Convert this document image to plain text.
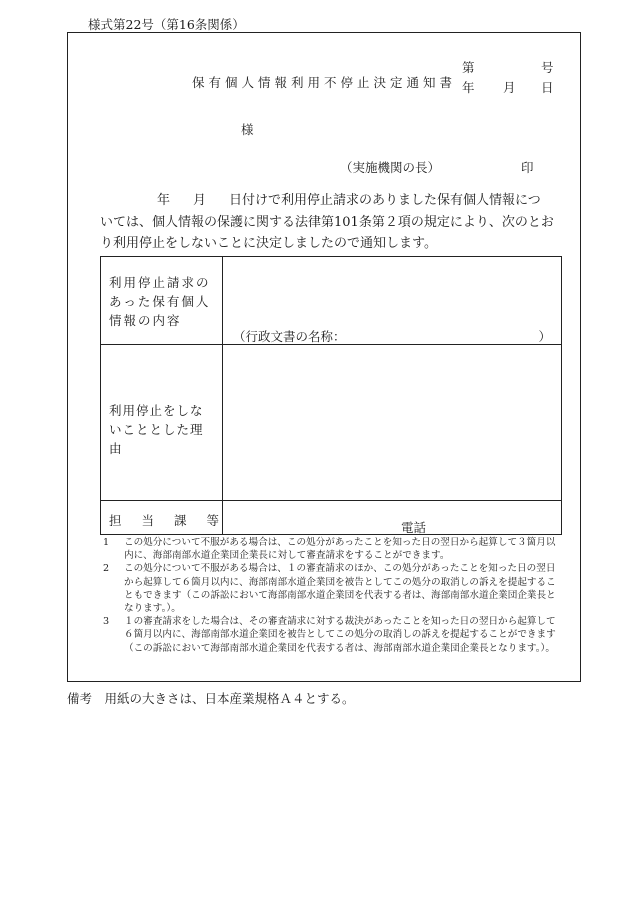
様式第22号（第16条関係）
保有個人情報利用不停止決定通知書
第	号
年 月 日
様
（実施機関の長）	印
年 月 日付けで利用停止請求のありました保有個人情報につ
いては、個人情報の保護に関する法律第101条第２項の規定により、次のとお
り利用停止をしないことに決定しましたので通知します。
利用停止請求のあった保有個人情報の内容	（行政文書の名称： ）

利用停止をしないこととした理由	

担当課等	電話
1 この処分について不服がある場合は、この処分があったことを知った日の翌日から起算して３箇月以内に、海部南部水道企業団企業長に対して審査請求をすることができます。
2 この処分について不服がある場合は、１の審査請求のほか、この処分があったことを知った日の翌日から起算して６箇月以内に、海部南部水道企業団を被告としてこの処分の取消しの訴えを提起することもできます（この訴訟において海部南部水道企業団を代表する者は、海部南部水道企業団企業長となります。）。
3 １の審査請求をした場合は、その審査請求に対する裁決があったことを知った日の翌日から起算して６箇月以内に、海部南部水道企業団を被告としてこの処分の取消しの訴えを提起することができます（この訴訟において海部南部水道企業団を代表する者は、海部南部水道企業団企業長となります。）。
備考　用紙の大きさは、日本産業規格Ａ４とする。
